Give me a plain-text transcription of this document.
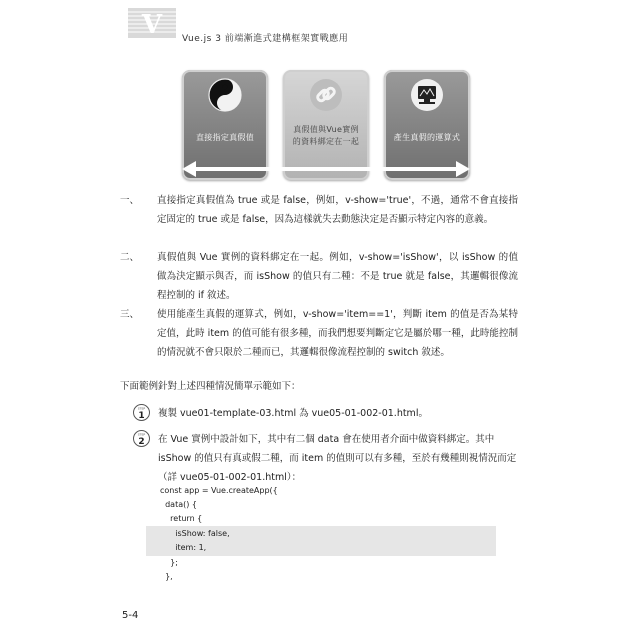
V Vue.js 3 前端漸進式建構框架實戰應用
直接指定真假值
真假值與Vue實例
的資料綁定在一起	產生真假的運算式
一、 直接指定真假值為 true 或是 false，例如，v-show='true'，不過，通常不會直接指定固定的 true 或是 false，因為這樣就失去動態決定是否顯示特定內容的意義。
二、 真假值與 Vue 實例的資料綁定在一起。例如，v-show='isShow'，以 isShow 的值做為決定顯示與否，而 isShow 的值只有二種：不是 true 就是 false，其邏輯很像流程控制的 if 敘述。
三、 使用能產生真假的運算式，例如，v-show='item==1'，判斷 item 的值是否為某特定值，此時 item 的值可能有很多種，而我們想要判斷定它是屬於哪一種，此時能控制的情況就不會只限於二種而已，其邏輯很像流程控制的 switch 敘述。
下面範例針對上述四種情況簡單示範如下：
STEP
1 複製 vue01-template-03.html 為 vue05-01-002-01.html。
STEP
2 在 Vue 實例中設計如下，其中有二個 data 會在使用者介面中做資料綁定。其中 isShow 的值只有真或假二種，而 item 的值則可以有多種，至於有幾種則視情況而定（詳 vue05-01-002-01.html）：
const app = Vue.createApp({
data() {
return {
isShow: false,
item: 1,
};
},
5-4
